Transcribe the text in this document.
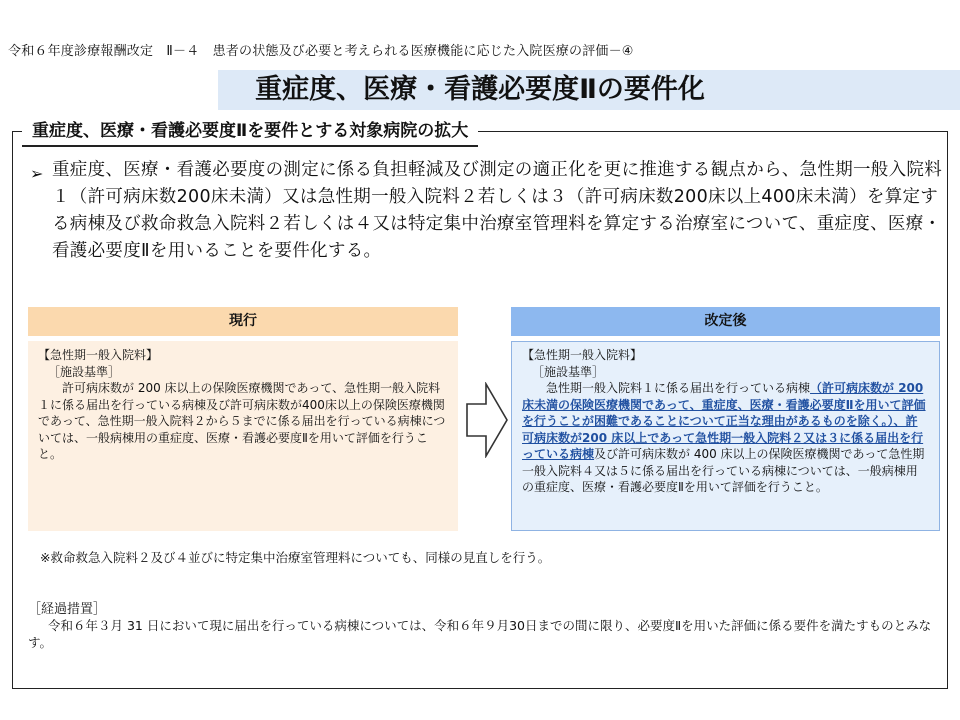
令和６年度診療報酬改定　Ⅱ－４　患者の状態及び必要と考えられる医療機能に応じた入院医療の評価－④
重症度、医療・看護必要度Ⅱの要件化
重症度、医療・看護必要度Ⅱを要件とする対象病院の拡大
➢ 重症度、医療・看護必要度の測定に係る負担軽減及び測定の適正化を更に推進する観点から、急性期一般入院料１（許可病床数200床未満）又は急性期一般入院料２若しくは３（許可病床数200床以上400床未満）を算定する病棟及び救命救急入院料２若しくは４又は特定集中治療室管理料を算定する治療室について、重症度、医療・看護必要度Ⅱを用いることを要件化する。
現行
【急性期一般入院料】
［施設基準］
許可病床数が 200 床以上の保険医療機関であって、急性期一般入院料１に係る届出を行っている病棟及び許可病床数が400床以上の保険医療機関であって、急性期一般入院料２から５までに係る届出を行っている病棟については、一般病棟用の重症度、医療・看護必要度Ⅱを用いて評価を行うこと。
改定後
【急性期一般入院料】
［施設基準］
急性期一般入院料１に係る届出を行っている病棟（許可病床数が 200 床未満の保険医療機関であって、重症度、医療・看護必要度Ⅱを用いて評価を行うことが困難であることについて正当な理由があるものを除く。）、許可病床数が200 床以上であって急性期一般入院料２又は３に係る届出を行っている病棟及び許可病床数が 400 床以上の保険医療機関であって急性期一般入院料４又は５に係る届出を行っている病棟については、一般病棟用の重症度、医療・看護必要度Ⅱを用いて評価を行うこと。
※救命救急入院料２及び４並びに特定集中治療室管理料についても、同様の見直しを行う。
［経過措置］
令和６年３月 31 日において現に届出を行っている病棟については、令和６年９月30日までの間に限り、必要度Ⅱを用いた評価に係る要件を満たすものとみなす。
